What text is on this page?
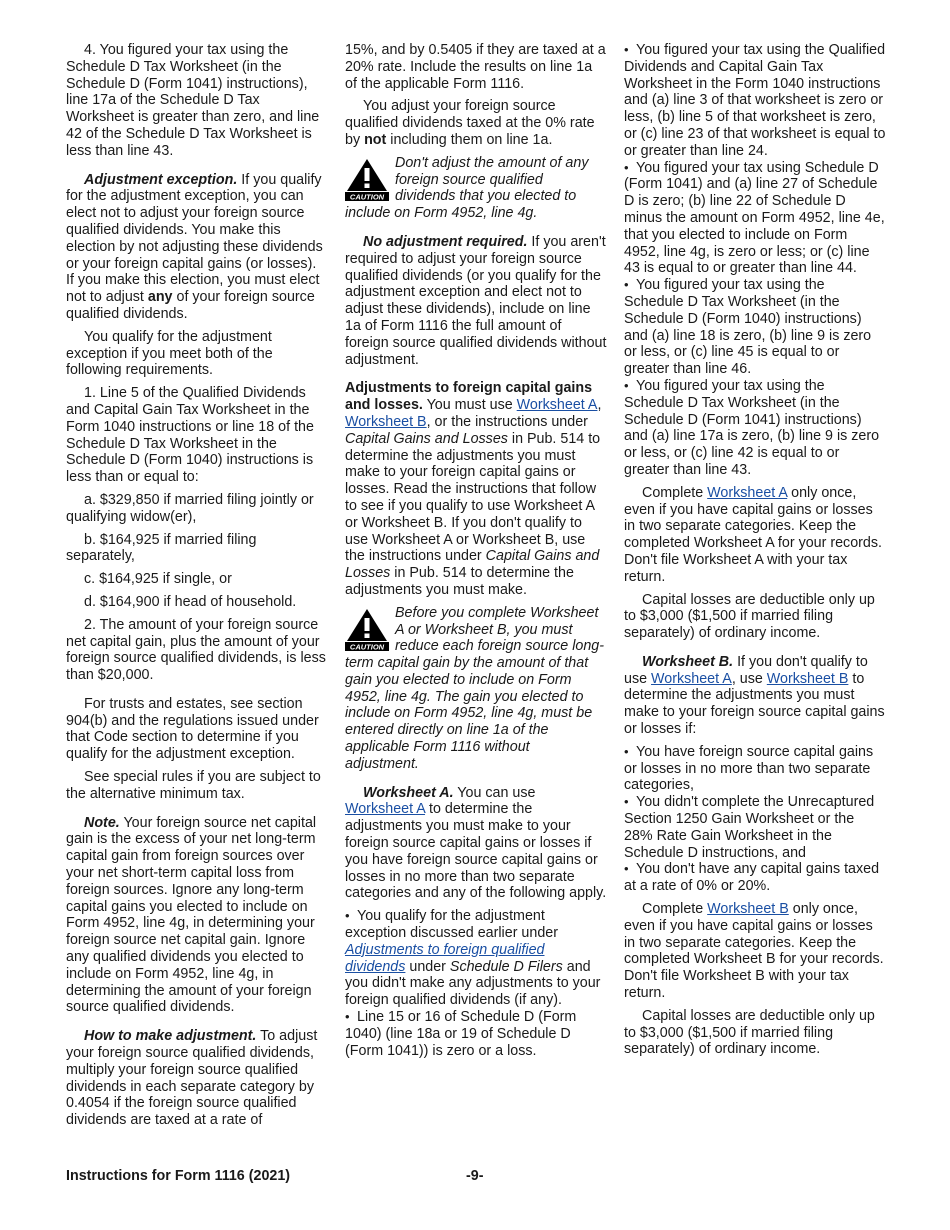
4. You figured your tax using the Schedule D Tax Worksheet (in the Schedule D (Form 1041) instructions), line 17a of the Schedule D Tax Worksheet is greater than zero, and line 42 of the Schedule D Tax Worksheet is less than line 43.

Adjustment exception. If you qualify for the adjustment exception, you can elect not to adjust your foreign source qualified dividends. You make this election by not adjusting these dividends or your foreign capital gains (or losses). If you make this election, you must elect not to adjust any of your foreign source qualified dividends.

You qualify for the adjustment exception if you meet both of the following requirements.

1. Line 5 of the Qualified Dividends and Capital Gain Tax Worksheet in the Form 1040 instructions or line 18 of the Schedule D Tax Worksheet in the Schedule D (Form 1040) instructions is less than or equal to:

a. $329,850 if married filing jointly or qualifying widow(er),

b. $164,925 if married filing separately,

c. $164,925 if single, or

d. $164,900 if head of household.

2. The amount of your foreign source net capital gain, plus the amount of your foreign source qualified dividends, is less than $20,000.

For trusts and estates, see section 904(b) and the regulations issued under that Code section to determine if you qualify for the adjustment exception.

See special rules if you are subject to the alternative minimum tax.

Note. Your foreign source net capital gain is the excess of your net long-term capital gain from foreign sources over your net short-term capital loss from foreign sources. Ignore any long-term capital gains you elected to include on Form 4952, line 4g, in determining your foreign source net capital gain. Ignore any qualified dividends you elected to include on Form 4952, line 4g, in determining the amount of your foreign source qualified dividends.

How to make adjustment. To adjust your foreign source qualified dividends, multiply your foreign source qualified dividends in each separate category by 0.4054 if the foreign source qualified dividends are taxed at a rate of

15%, and by 0.5405 if they are taxed at a 20% rate. Include the results on line 1a of the applicable Form 1116.

You adjust your foreign source qualified dividends taxed at the 0% rate by not including them on line 1a.

CAUTION
Don't adjust the amount of any foreign source qualified dividends that you elected to include on Form 4952, line 4g.

No adjustment required. If you aren't required to adjust your foreign source qualified dividends (or you qualify for the adjustment exception and elect not to adjust these dividends), include on line 1a of Form 1116 the full amount of foreign source qualified dividends without adjustment.

Adjustments to foreign capital gains and losses. You must use Worksheet A, Worksheet B, or the instructions under Capital Gains and Losses in Pub. 514 to determine the adjustments you must make to your foreign capital gains or losses. Read the instructions that follow to see if you qualify to use Worksheet A or Worksheet B. If you don't qualify to use Worksheet A or Worksheet B, use the instructions under Capital Gains and Losses in Pub. 514 to determine the adjustments you must make.

CAUTION
Before you complete Worksheet A or Worksheet B, you must reduce each foreign source long-term capital gain by the amount of that gain you elected to include on Form 4952, line 4g. The gain you elected to include on Form 4952, line 4g, must be entered directly on line 1a of the applicable Form 1116 without adjustment.

Worksheet A. You can use Worksheet A to determine the adjustments you must make to your foreign source capital gains or losses if you have foreign source capital gains or losses in no more than two separate categories and any of the following apply.

• You qualify for the adjustment exception discussed earlier under Adjustments to foreign qualified dividends under Schedule D Filers and you didn't make any adjustments to your foreign qualified dividends (if any).

• Line 15 or 16 of Schedule D (Form 1040) (line 18a or 19 of Schedule D (Form 1041)) is zero or a loss.

• You figured your tax using the Qualified Dividends and Capital Gain Tax Worksheet in the Form 1040 instructions and (a) line 3 of that worksheet is zero or less, (b) line 5 of that worksheet is zero, or (c) line 23 of that worksheet is equal to or greater than line 24.

• You figured your tax using Schedule D (Form 1041) and (a) line 27 of Schedule D is zero; (b) line 22 of Schedule D minus the amount on Form 4952, line 4e, that you elected to include on Form 4952, line 4g, is zero or less; or (c) line 43 is equal to or greater than line 44.

• You figured your tax using the Schedule D Tax Worksheet (in the Schedule D (Form 1040) instructions) and (a) line 18 is zero, (b) line 9 is zero or less, or (c) line 45 is equal to or greater than line 46.

• You figured your tax using the Schedule D Tax Worksheet (in the Schedule D (Form 1041) instructions) and (a) line 17a is zero, (b) line 9 is zero or less, or (c) line 42 is equal to or greater than line 43.

Complete Worksheet A only once, even if you have capital gains or losses in two separate categories. Keep the completed Worksheet A for your records. Don't file Worksheet A with your tax return.

Capital losses are deductible only up to $3,000 ($1,500 if married filing separately) of ordinary income.

Worksheet B. If you don't qualify to use Worksheet A, use Worksheet B to determine the adjustments you must make to your foreign source capital gains or losses if:

• You have foreign source capital gains or losses in no more than two separate categories,

• You didn't complete the Unrecaptured Section 1250 Gain Worksheet or the 28% Rate Gain Worksheet in the Schedule D instructions, and

• You don't have any capital gains taxed at a rate of 0% or 20%.

Complete Worksheet B only once, even if you have capital gains or losses in two separate categories. Keep the completed Worksheet B for your records. Don't file Worksheet B with your tax return.

Capital losses are deductible only up to $3,000 ($1,500 if married filing separately) of ordinary income.

Instructions for Form 1116 (2021)	-9-
